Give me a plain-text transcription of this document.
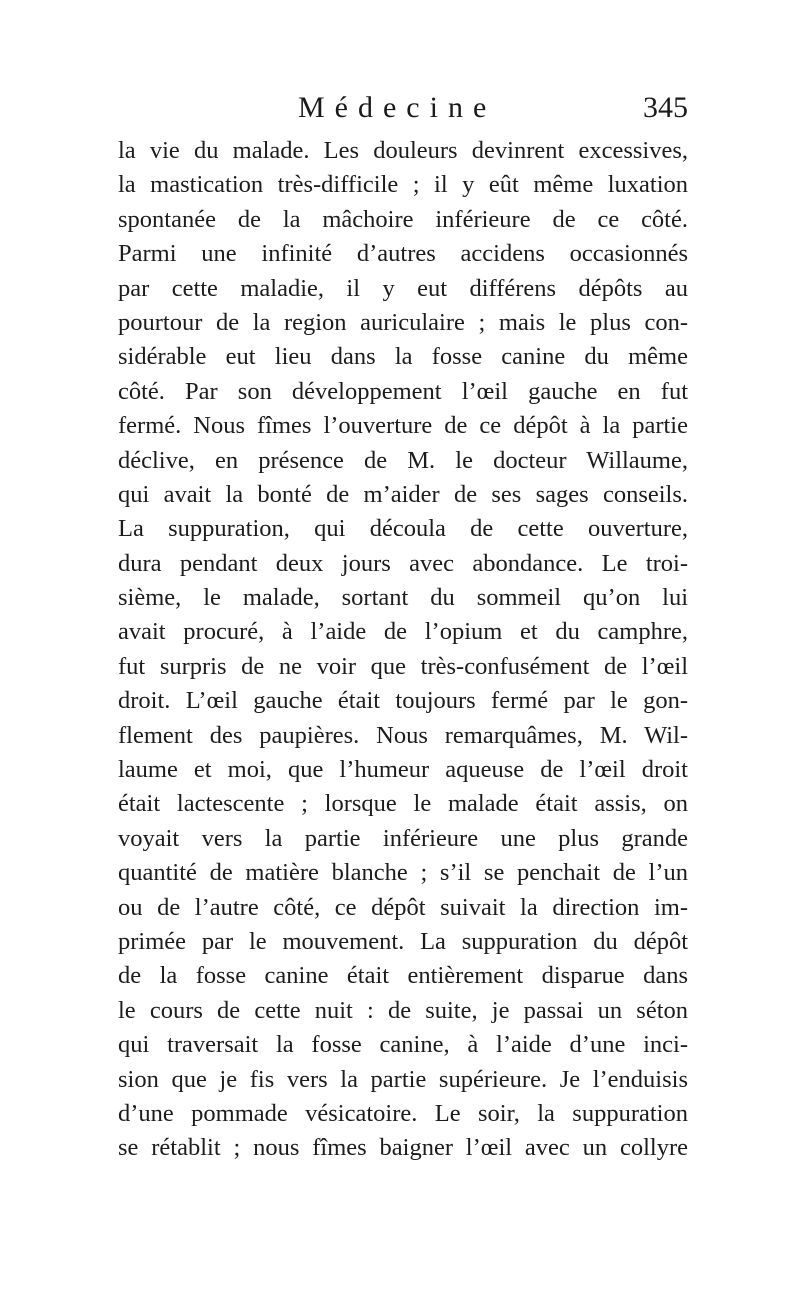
Médecine	345
la vie du malade. Les douleurs devinrent excessives,
la mastication très-difficile ; il y eût même luxation
spontanée de la mâchoire inférieure de ce côté.
Parmi une infinité d’autres accidens occasionnés
par cette maladie, il y eut différens dépôts au
pourtour de la region auriculaire ; mais le plus con-
sidérable eut lieu dans la fosse canine du même
côté. Par son développement l’œil gauche en fut
fermé. Nous fîmes l’ouverture de ce dépôt à la partie
déclive, en présence de M. le docteur Willaume,
qui avait la bonté de m’aider de ses sages conseils.
La suppuration, qui découla de cette ouverture,
dura pendant deux jours avec abondance. Le troi-
sième, le malade, sortant du sommeil qu’on lui
avait procuré, à l’aide de l’opium et du camphre,
fut surpris de ne voir que très-confusément de l’œil
droit. L’œil gauche était toujours fermé par le gon-
flement des paupières. Nous remarquâmes, M. Wil-
laume et moi, que l’humeur aqueuse de l’œil droit
était lactescente ; lorsque le malade était assis, on
voyait vers la partie inférieure une plus grande
quantité de matière blanche ; s’il se penchait de l’un
ou de l’autre côté, ce dépôt suivait la direction im-
primée par le mouvement. La suppuration du dépôt
de la fosse canine était entièrement disparue dans
le cours de cette nuit : de suite, je passai un séton
qui traversait la fosse canine, à l’aide d’une inci-
sion que je fis vers la partie supérieure. Je l’enduisis
d’une pommade vésicatoire. Le soir, la suppuration
se rétablit ; nous fîmes baigner l’œil avec un collyre
